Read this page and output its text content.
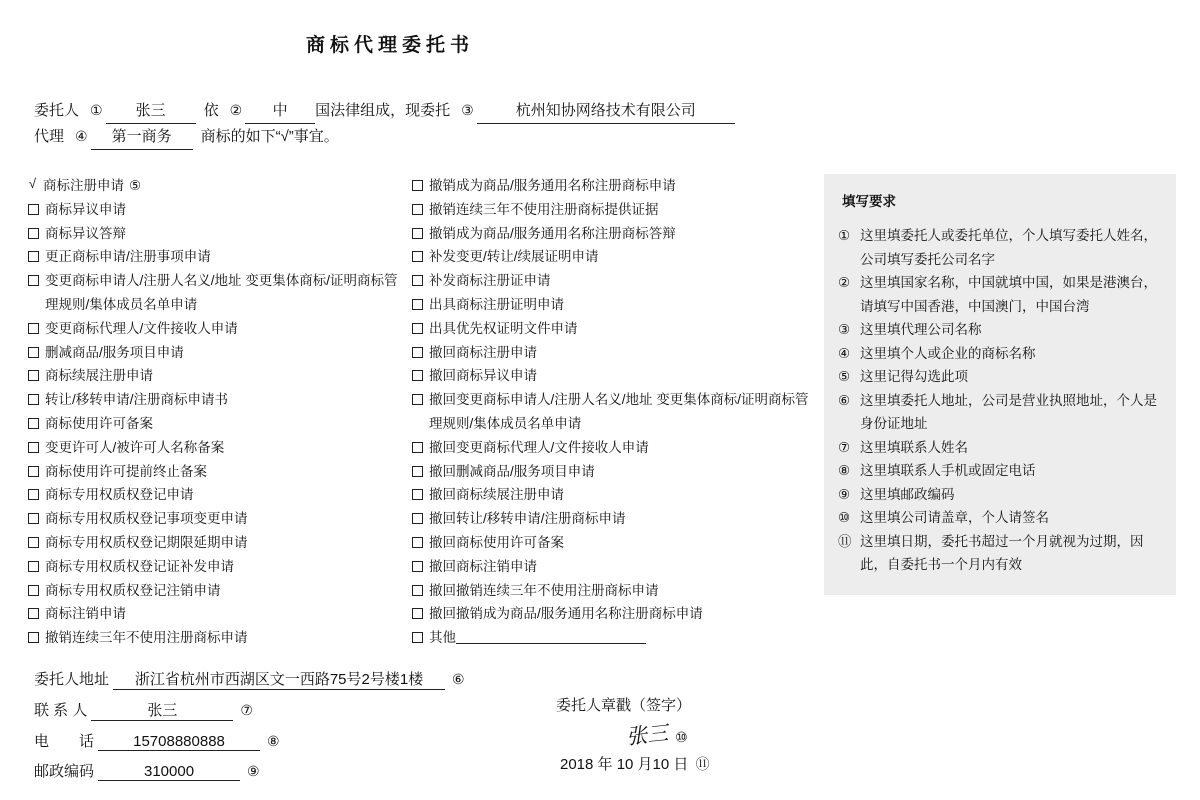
商标代理委托书
委托人 ①	张三	依 ②	中	国法律组成，现委托 ③	杭州知协网络技术有限公司
代理 ④	第一商务	商标的如下“√”事宜。
√ 商标注册申请 ⑤
商标异议申请
商标异议答辩
更正商标申请/注册事项申请
变更商标申请人/注册人名义/地址 变更集体商标/证明商标管理规则/集体成员名单申请
变更商标代理人/文件接收人申请
删减商品/服务项目申请
商标续展注册申请
转让/移转申请/注册商标申请书
商标使用许可备案
变更许可人/被许可人名称备案
商标使用许可提前终止备案
商标专用权质权登记申请
商标专用权质权登记事项变更申请
商标专用权质权登记期限延期申请
商标专用权质权登记证补发申请
商标专用权质权登记注销申请
商标注销申请
撤销连续三年不使用注册商标申请
撤销成为商品/服务通用名称注册商标申请
撤销连续三年不使用注册商标提供证据
撤销成为商品/服务通用名称注册商标答辩
补发变更/转让/续展证明申请
补发商标注册证申请
出具商标注册证明申请
出具优先权证明文件申请
撤回商标注册申请
撤回商标异议申请
撤回变更商标申请人/注册人名义/地址 变更集体商标/证明商标管理规则/集体成员名单申请
撤回变更商标代理人/文件接收人申请
撤回删减商品/服务项目申请
撤回商标续展注册申请
撤回转让/移转申请/注册商标申请
撤回商标使用许可备案
撤回商标注销申请
撤回撤销连续三年不使用注册商标申请
撤回撤销成为商品/服务通用名称注册商标申请
其他
填写要求
① 这里填委托人或委托单位，个人填写委托人姓名，公司填写委托公司名字
② 这里填国家名称，中国就填中国，如果是港澳台，请填写中国香港，中国澳门，中国台湾
③ 这里填代理公司名称
④ 这里填个人或企业的商标名称
⑤ 这里记得勾选此项
⑥ 这里填委托人地址，公司是营业执照地址，个人是身份证地址
⑦ 这里填联系人姓名
⑧ 这里填联系人手机或固定电话
⑨ 这里填邮政编码
⑩ 这里填公司请盖章，个人请签名
⑪ 这里填日期，委托书超过一个月就视为过期，因此，自委托书一个月内有效
委托人地址	浙江省杭州市西湖区文一西路75号2号楼1楼	⑥
联 系 人	张三	⑦
电　　话	15708880888	⑧
邮政编码	310000	⑨
委托人章戳（签字）
张三 ⑩
2018 年 10 月10 日 ⑪
